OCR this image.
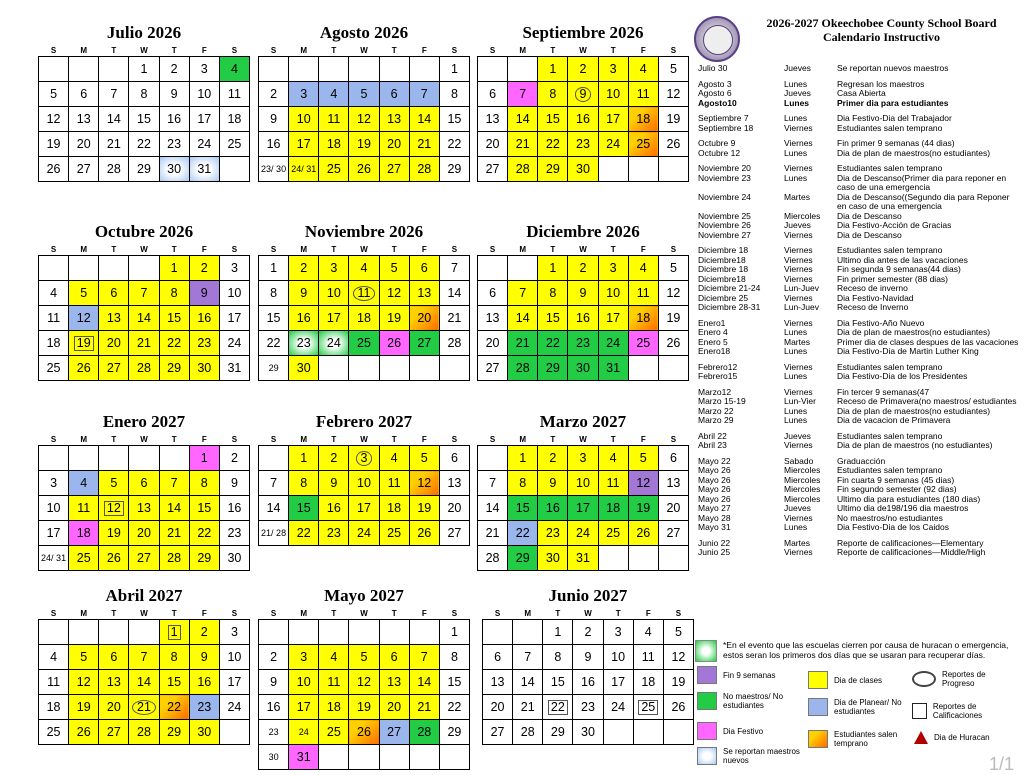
Julio 2026
S	M	T	W	T	F	S
			1	2	3	4
5	6	7	8	9	10	11
12	13	14	15	16	17	18
19	20	21	22	23	24	25
26	27	28	29	30	31	
Agosto 2026
S	M	T	W	T	F	S
						1
2	3	4	5	6	7	8
9	10	11	12	13	14	15
16	17	18	19	20	21	22
23/ 30	24/ 31	25	26	27	28	29
Septiembre 2026
S	M	T	W	T	F	S
		1	2	3	4	5
6	7	8	9	10	11	12
13	14	15	16	17	18	19
20	21	22	23	24	25	26
27	28	29	30			
Octubre 2026
S	M	T	W	T	F	S
				1	2	3
4	5	6	7	8	9	10
11	12	13	14	15	16	17
18	19	20	21	22	23	24
25	26	27	28	29	30	31
Noviembre 2026
S	M	T	W	T	F	S
1	2	3	4	5	6	7
8	9	10	11	12	13	14
15	16	17	18	19	20	21
22	23	24	25	26	27	28
29	30					
Diciembre 2026
S	M	T	W	T	F	S
		1	2	3	4	5
6	7	8	9	10	11	12
13	14	15	16	17	18	19
20	21	22	23	24	25	26
27	28	29	30	31		
Enero 2027
S	M	T	W	T	F	S
					1	2
3	4	5	6	7	8	9
10	11	12	13	14	15	16
17	18	19	20	21	22	23
24/ 31	25	26	27	28	29	30
Febrero 2027
S	M	T	W	T	F	S
	1	2	3	4	5	6
7	8	9	10	11	12	13
14	15	16	17	18	19	20
21/ 28	22	23	24	25	26	27
Marzo 2027
S	M	T	W	T	F	S
	1	2	3	4	5	6
7	8	9	10	11	12	13
14	15	16	17	18	19	20
21	22	23	24	25	26	27
28	29	30	31			
Abril 2027
S	M	T	W	T	F	S
				1	2	3
4	5	6	7	8	9	10
11	12	13	14	15	16	17
18	19	20	21	22	23	24
25	26	27	28	29	30	
Mayo 2027
S	M	T	W	T	F	S
						1
2	3	4	5	6	7	8
9	10	11	12	13	14	15
16	17	18	19	20	21	22
23	24	25	26	27	28	29
30	31					
Junio 2027
S	M	T	W	T	F	S
		1	2	3	4	5
6	7	8	9	10	11	12
13	14	15	16	17	18	19
20	21	22	23	24	25	26
27	28	29	30			
2026-2027 Okeechobee County School Board
Calendario Instructivo
Julio 30	Jueves	Se reportan nuevos maestros
Agosto 3	Lunes	Regresan los maestros
Agosto 6	Jueves	Casa Abierta
Agosto10	Lunes	Primer dia para estudiantes
Septiembre 7	Lunes	Dia Festivo-Dia del Trabajador
Septiembre 18	Viernes	Estudiantes salen temprano
Octubre 9	Viernes	Fin primer 9 semanas (44 dias)
Octubre 12	Lunes	Dia de plan de maestros(no estudiantes)
Noviembre 20	Viernes	Estudiantes salen temprano
Noviembre 23	Lunes	Dia de Descanso(Primer dia para reponer en caso de una emergencia
Noviembre 24	Martes	Dia de Descanso((Segundo dia para Reponer en caso de una emergencia
Noviembre 25	Miercoles	Dia de Descanso
Noviembre 26	Jueves	Dia Festivo-Acción de Gracias
Noviembre 27	Viernes	Dia de Descanso
Diciembre 18	Viernes	Estudiantes salen temprano
Diciembre18	Viernes	Ultimo dia antes de las vacaciones
Diciembre 18	Viernes	Fin segunda 9 semanas(44 dias)
Diciembre18	Viernes	Fin primer semester (88 dias)
Diciembre 21-24	Lun-Juev	Receso de inverno
Diciembre 25	Viernes	Dia Festivo-Navidad
Diciembre 28-31	Lun-Juev	Receso de Inverno
Enero1	Viernes	Dia Festivo-Año Nuevo
Enero 4	Lunes	Dia de plan de maestros(no estudiantes)
Enero 5	Martes	Primer dia de clases despues de las vacaciones
Enero18	Lunes	Dia Festivo-Dia de Martin Luther King
Febrero12	Viernes	Estudiantes salen temprano
Febrero15	Lunes	Dia Festivo-Dia de los Presidentes
Marzo12	Viernes	Fin tercer 9 semanas(47
Marzo 15-19	Lun-Vier	Receso de Primavera(no maestros/ estudiantes
Marzo 22	Lunes	Dia de plan de maestros(no estudiantes)
Marzo 29	Lunes	Dia de vacacion de Primavera
Abril 22	Jueves	Estudiantes salen temprano
Abril 23	Viernes	Dia de plan de maestros (no estudiantes)
Mayo 22	Sabado	Graduacción
Mayo 26	Miercoles	Estudiantes salen temprano
Mayo 26	Miercoles	Fin cuarta 9 semanas (45 dias)
Mayo 26	Miercoles	Fin segundo semester (92 dias)
Mayo 26	Miercoles	Ultimo dia para estudiantes (180 dias)
Mayo 27	Jueves	Ultimo dia de198/196 dia maestros
Mayo 28	Viernes	No maestros/no estudiantes
Mayo 31	Lunes	Dia Festivo-Dia de los Caidos
Junio 22	Martes	Reporte de calificaciones—Elementary
Junio 25	Viernes	Reporte de calificaciones—Middle/High
*En el evento que las escuelas cierren por causa de huracan o emergencia, estos seran los primeros dos días que se usaran para recuperar días.
Fin 9 semanas
Dia de clases
Reportes de Progreso
No maestros/ No estudiantes	Dia de Planear/ No estudiantes
Reportes de Calificaciones
Dia Festivo	Estudiantes salen temprano
Dia de Huracan
Se reportan maestros nuevos	1/1
